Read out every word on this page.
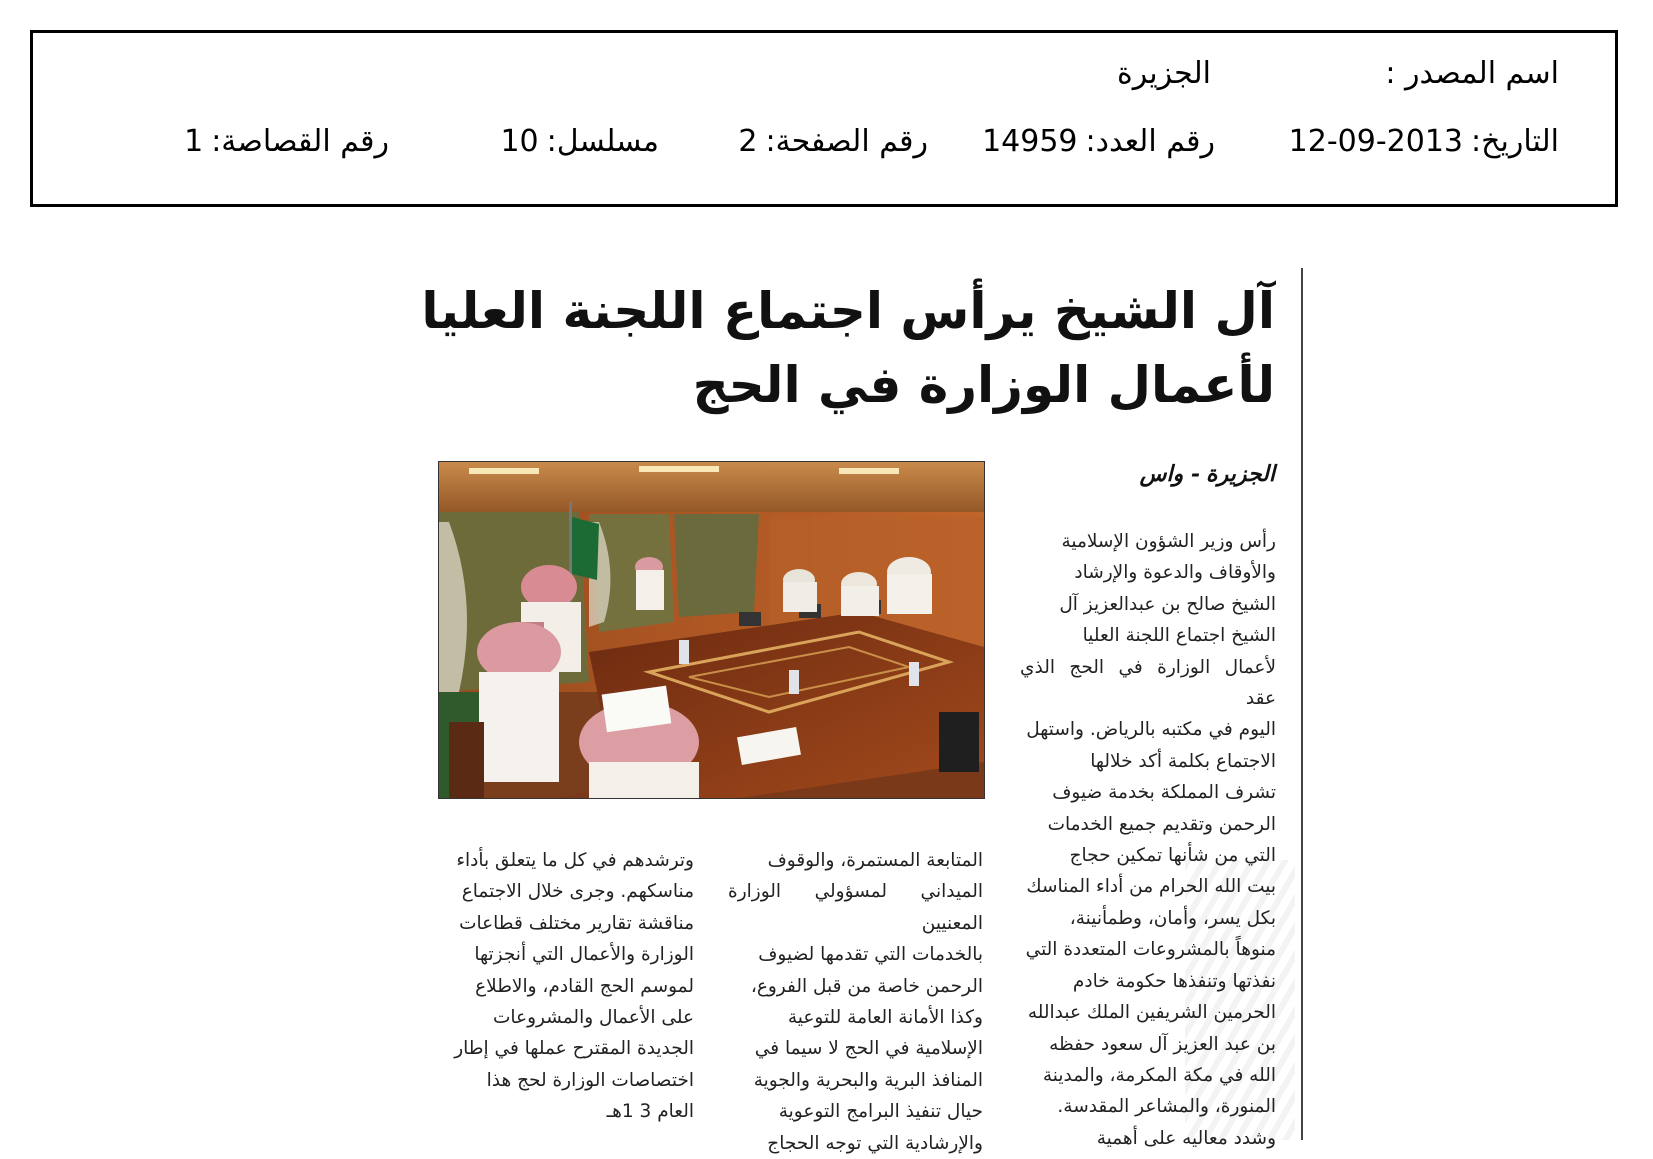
اسم المصدر :
الجزيرة
التاريخ:2013-09-12
رقم العدد:14959
رقم الصفحة:2
مسلسل:10
رقم القصاصة:1
آل الشيخ يرأس اجتماع اللجنة العليا
لأعمال الوزارة في الحج
الجزيرة- واس
رأس وزير الشؤون الإسلامية
والأوقاف والدعوة والإرشاد
الشيخ صالح بن عبدالعزيز آل
الشيخ اجتماع اللجنة العليا
لأعمال الوزارة في الحج الذي عقد
اليوم في مكتبه بالرياض. واستهل
الاجتماع بكلمة أكد خلالها
تشرف المملكة بخدمة ضيوف
الرحمن وتقديم جميع الخدمات
التي من شأنها تمكين حجاج
بيت الله الحرام من أداء المناسك
بكل يسر، وأمان، وطمأنينة،
منوهاً بالمشروعات المتعددة التي
نفذتها وتنفذها حكومة خادم
الحرمين الشريفين الملك عبدالله
بن عبد العزيز آل سعود حفظه
الله في مكة المكرمة، والمدينة
المنورة، والمشاعر المقدسة.
وشدد معاليه على أهمية
المتابعة المستمرة، والوقوف
الميداني لمسؤولي الوزارة المعنيين
بالخدمات التي تقدمها لضيوف
الرحمن خاصة من قبل الفروع،
وكذا الأمانة العامة للتوعية
الإسلامية في الحج لا سيما في
المنافذ البرية والبحرية والجوية
حيال تنفيذ البرامج التوعوية
والإرشادية التي توجه الحجاج
وترشدهم في كل ما يتعلق بأداء
مناسكهم. وجرى خلال الاجتماع
مناقشة تقارير مختلف قطاعات
الوزارة والأعمال التي أنجزتها
لموسم الحج القادم، والاطلاع
على الأعمال والمشروعات
الجديدة المقترح عملها في إطار
اختصاصات الوزارة لحج هذا
العام 3 1هـ
